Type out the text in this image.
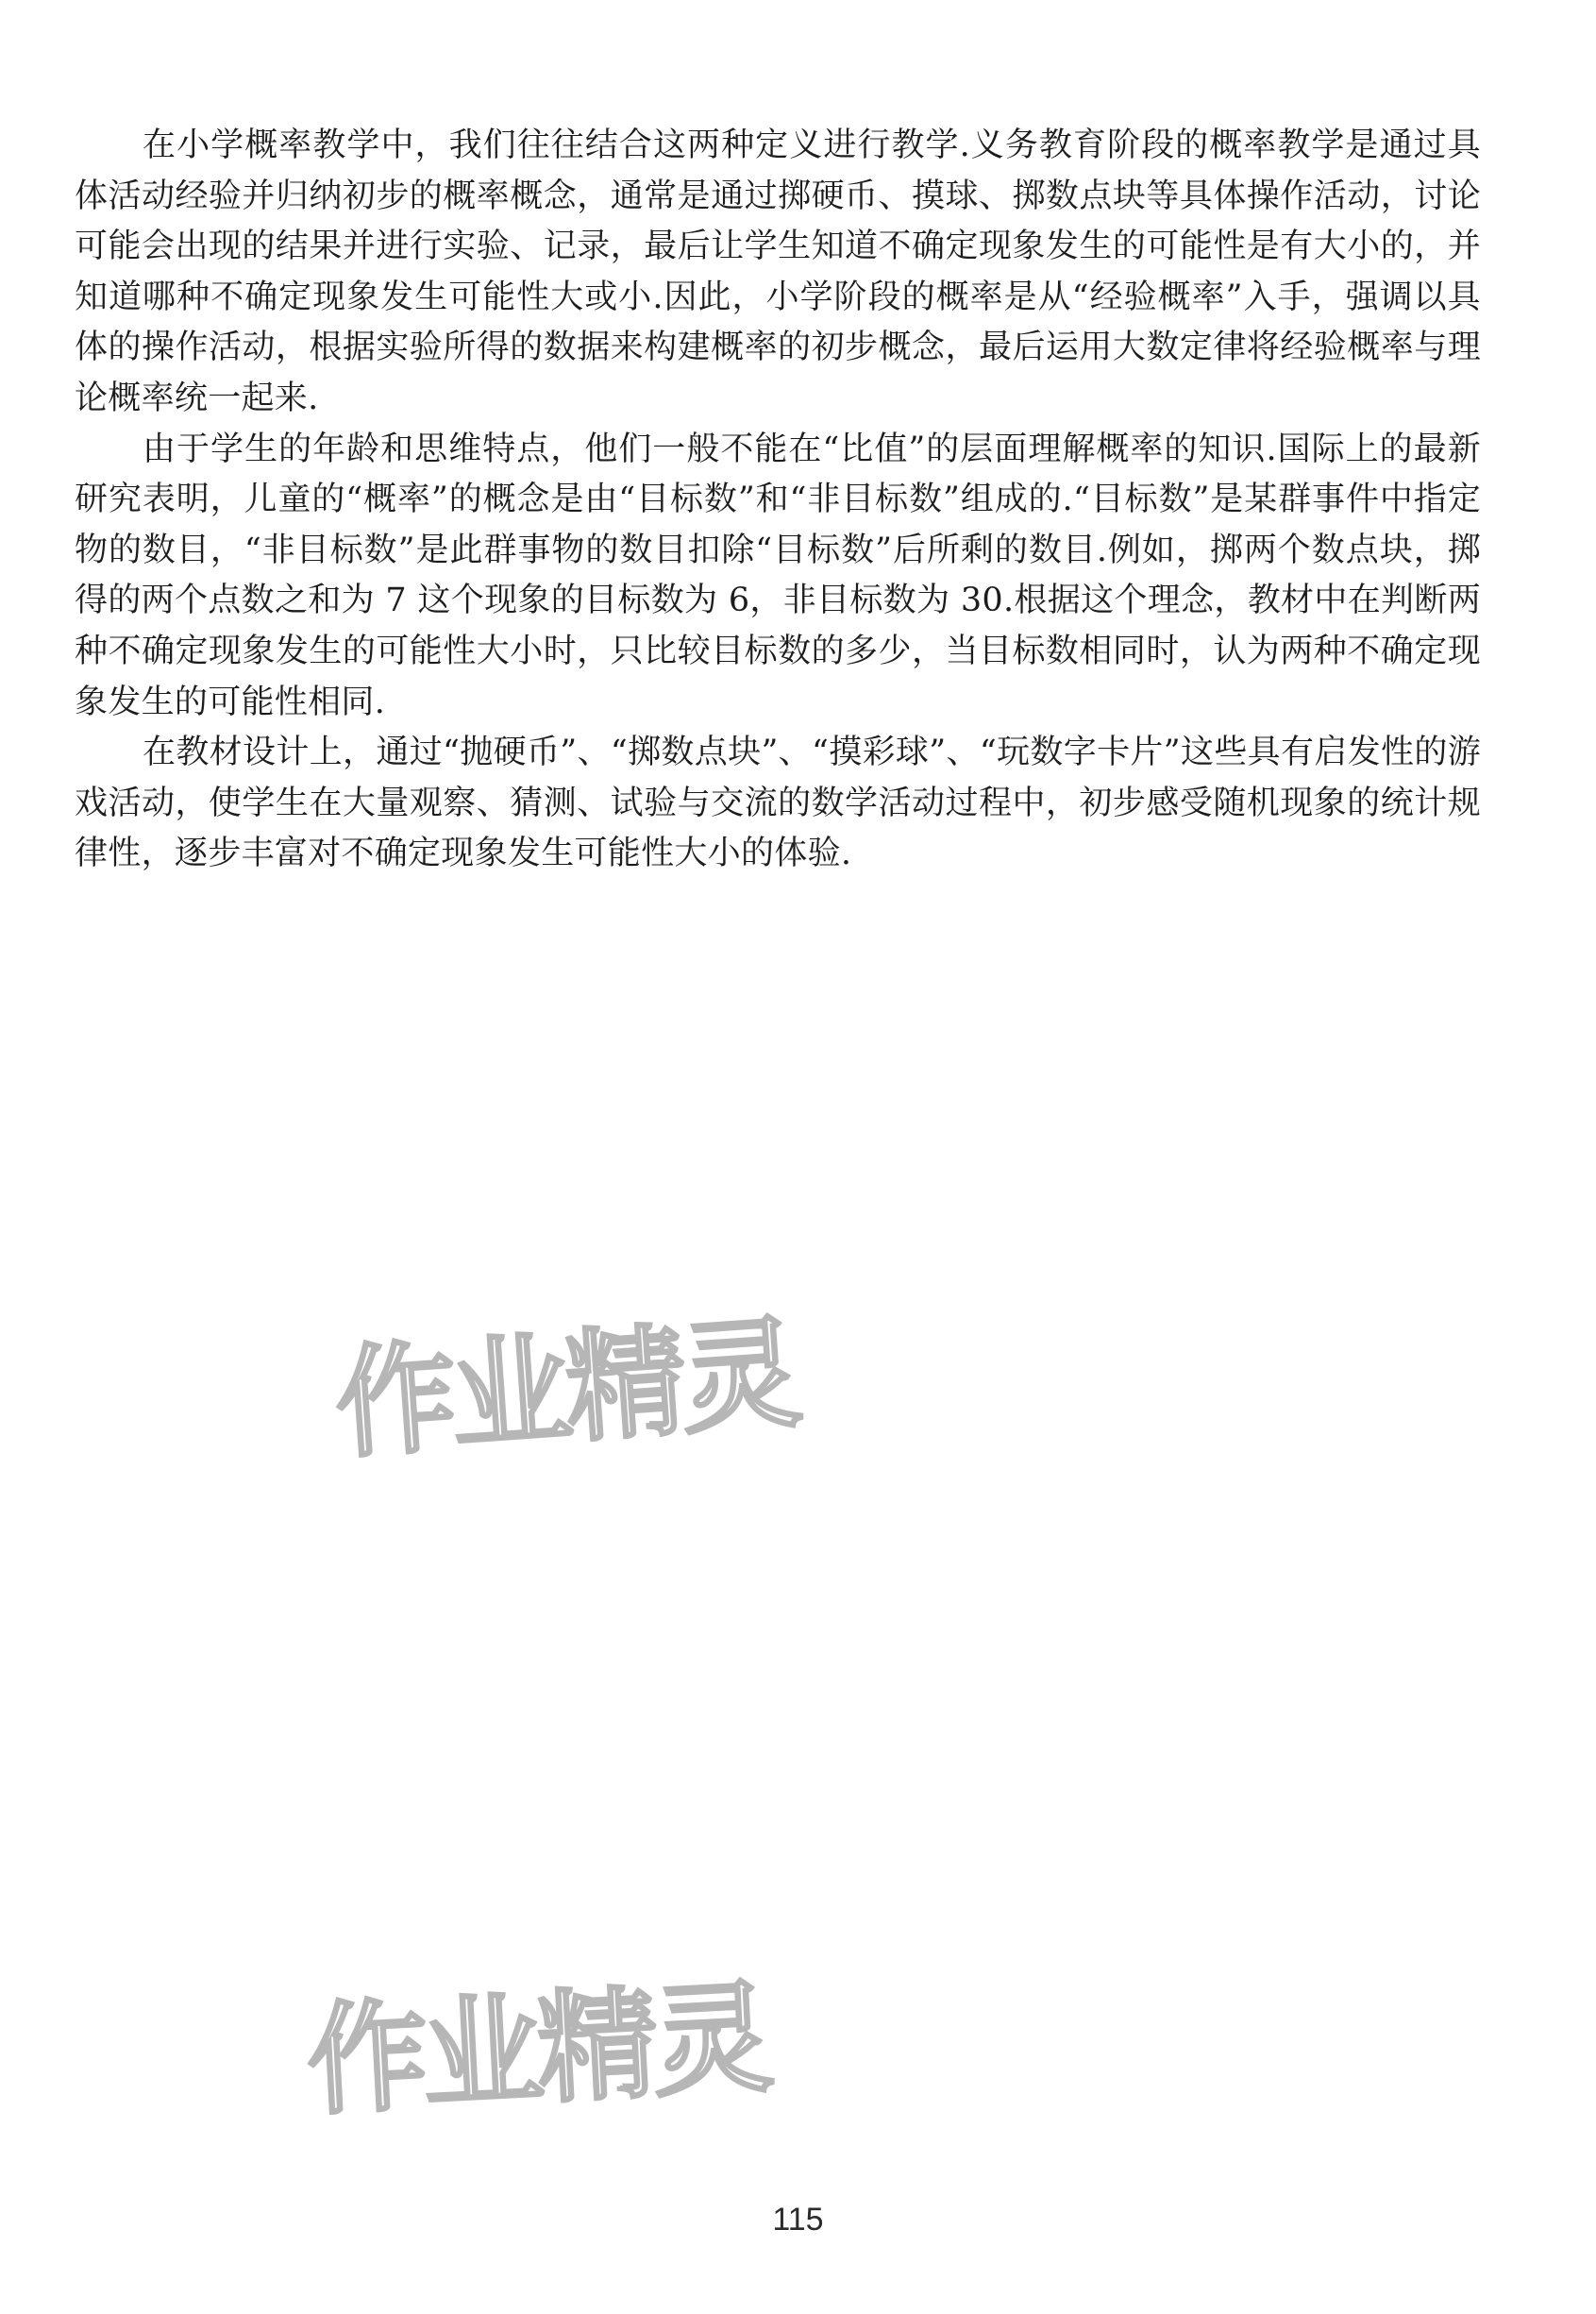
在小学概率教学中，我们往往结合这两种定义进行教学.义务教育阶段的概率教学是通过具体活动经验并归纳初步的概率概念，通常是通过掷硬币、摸球、掷数点块等具体操作活动，讨论可能会出现的结果并进行实验、记录，最后让学生知道不确定现象发生的可能性是有大小的，并知道哪种不确定现象发生可能性大或小.因此，小学阶段的概率是从“经验概率”入手，强调以具体的操作活动，根据实验所得的数据来构建概率的初步概念，最后运用大数定律将经验概率与理论概率统一起来.

由于学生的年龄和思维特点，他们一般不能在“比值”的层面理解概率的知识.国际上的最新研究表明，儿童的“概率”的概念是由“目标数”和“非目标数”组成的.“目标数”是某群事件中指定物的数目，“非目标数”是此群事物的数目扣除“目标数”后所剩的数目.例如，掷两个数点块，掷得的两个点数之和为 7 这个现象的目标数为 6，非目标数为 30.根据这个理念，教材中在判断两种不确定现象发生的可能性大小时，只比较目标数的多少，当目标数相同时，认为两种不确定现象发生的可能性相同.

在教材设计上，通过“抛硬币”、“掷数点块”、“摸彩球”、“玩数字卡片”这些具有启发性的游戏活动，使学生在大量观察、猜测、试验与交流的数学活动过程中，初步感受随机现象的统计规律性，逐步丰富对不确定现象发生可能性大小的体验.

作业精灵
作业精灵
115
